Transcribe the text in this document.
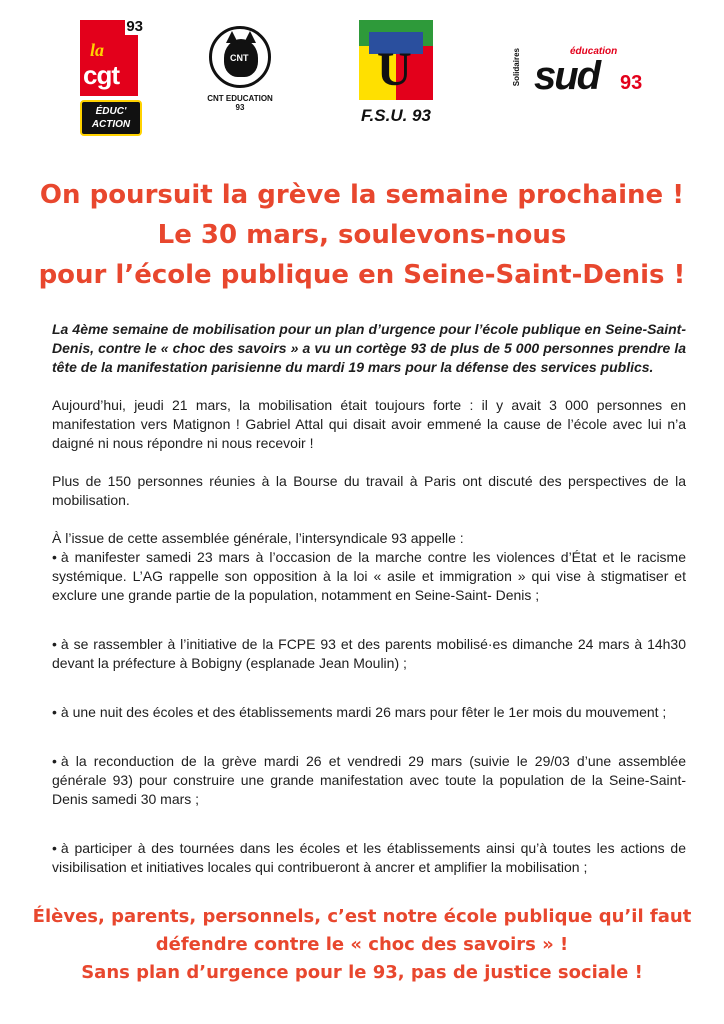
93
la
cgt
ÉDUC'
ACTION
CNT
CNT EDUCATION 93
U
F.S.U. 93
Solidaires	éducation
sud 93
On poursuit la grève la semaine prochaine !
Le 30 mars, soulevons-nous
pour l’école publique en Seine-Saint-Denis !

La 4ème semaine de mobilisation pour un plan d’urgence pour l’école publique en Seine-Saint- Denis, contre le « choc des savoirs » a vu un cortège 93 de plus de 5 000 personnes prendre la tête de la manifestation parisienne du mardi 19 mars pour la défense des services publics.

Aujourd’hui, jeudi 21 mars, la mobilisation était toujours forte : il y avait 3 000 personnes en manifestation vers Matignon ! Gabriel Attal qui disait avoir emmené la cause de l’école avec lui n’a daigné ni nous répondre ni nous recevoir !

Plus de 150 personnes réunies à la Bourse du travail à Paris ont discuté des perspectives de la mobilisation.

À l’issue de cette assemblée générale, l’intersyndicale 93 appelle :

• à manifester samedi 23 mars à l’occasion de la marche contre les violences d’État et le racisme systémique. L’AG rappelle son opposition à la loi « asile et immigration » qui vise à stigmatiser et exclure une grande partie de la population, notamment en Seine-Saint- Denis ;
• à se rassembler à l’initiative de la FCPE 93 et des parents mobilisé·es dimanche 24 mars à 14h30 devant la préfecture à Bobigny (esplanade Jean Moulin) ;
• à une nuit des écoles et des établissements mardi 26 mars pour fêter le 1er mois du mouvement ;
• à la reconduction de la grève mardi 26 et vendredi 29 mars (suivie le 29/03 d’une assemblée générale 93) pour construire une grande manifestation avec toute la population de la Seine-Saint-Denis samedi 30 mars ;
• à participer à des tournées dans les écoles et les établissements ainsi qu’à toutes les actions de visibilisation et initiatives locales qui contribueront à ancrer et amplifier la mobilisation ;
Élèves, parents, personnels, c’est notre école publique qu’il faut
défendre contre le « choc des savoirs » !
Sans plan d’urgence pour le 93, pas de justice sociale !
